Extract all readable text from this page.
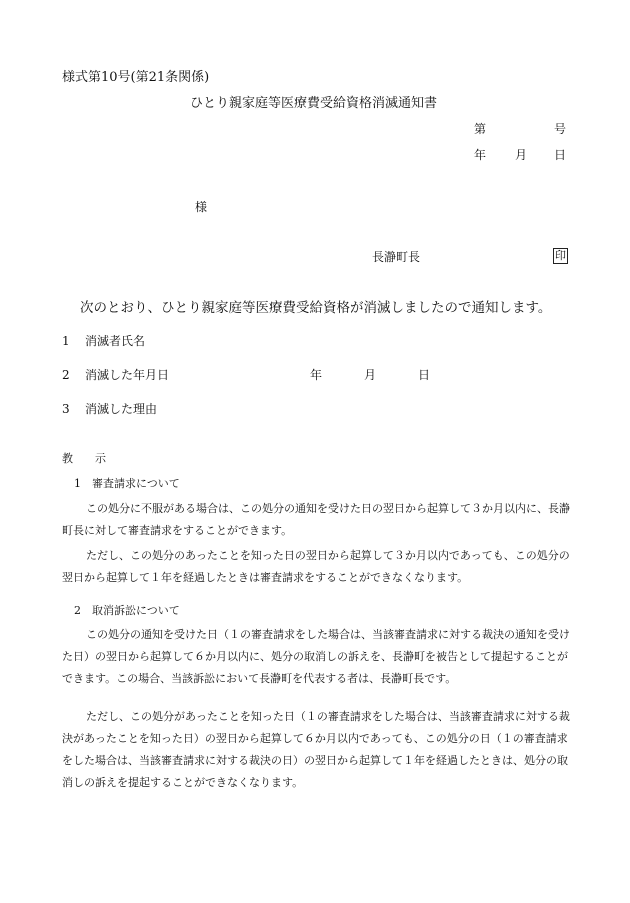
様式第10号(第21条関係)
ひとり親家庭等医療費受給資格消滅通知書
第	号
年 月 日
様
長瀞町長	印
次のとおり、ひとり親家庭等医療費受給資格が消滅しましたので通知します。
1 消滅者氏名
2 消滅した年月日	年	月	日
3 消滅した理由
教　　示
1 審査請求について
この処分に不服がある場合は、この処分の通知を受けた日の翌日から起算して３か月以内に、長瀞町長に対して審査請求をすることができます。
ただし、この処分のあったことを知った日の翌日から起算して３か月以内であっても、この処分の翌日から起算して１年を経過したときは審査請求をすることができなくなります。
2 取消訴訟について
この処分の通知を受けた日（１の審査請求をした場合は、当該審査請求に対する裁決の通知を受けた日）の翌日から起算して６か月以内に、処分の取消しの訴えを、長瀞町を被告として提起することができます。この場合、当該訴訟において長瀞町を代表する者は、長瀞町長です。
ただし、この処分があったことを知った日（１の審査請求をした場合は、当該審査請求に対する裁決があったことを知った日）の翌日から起算して６か月以内であっても、この処分の日（１の審査請求をした場合は、当該審査請求に対する裁決の日）の翌日から起算して１年を経過したときは、処分の取消しの訴えを提起することができなくなります。
